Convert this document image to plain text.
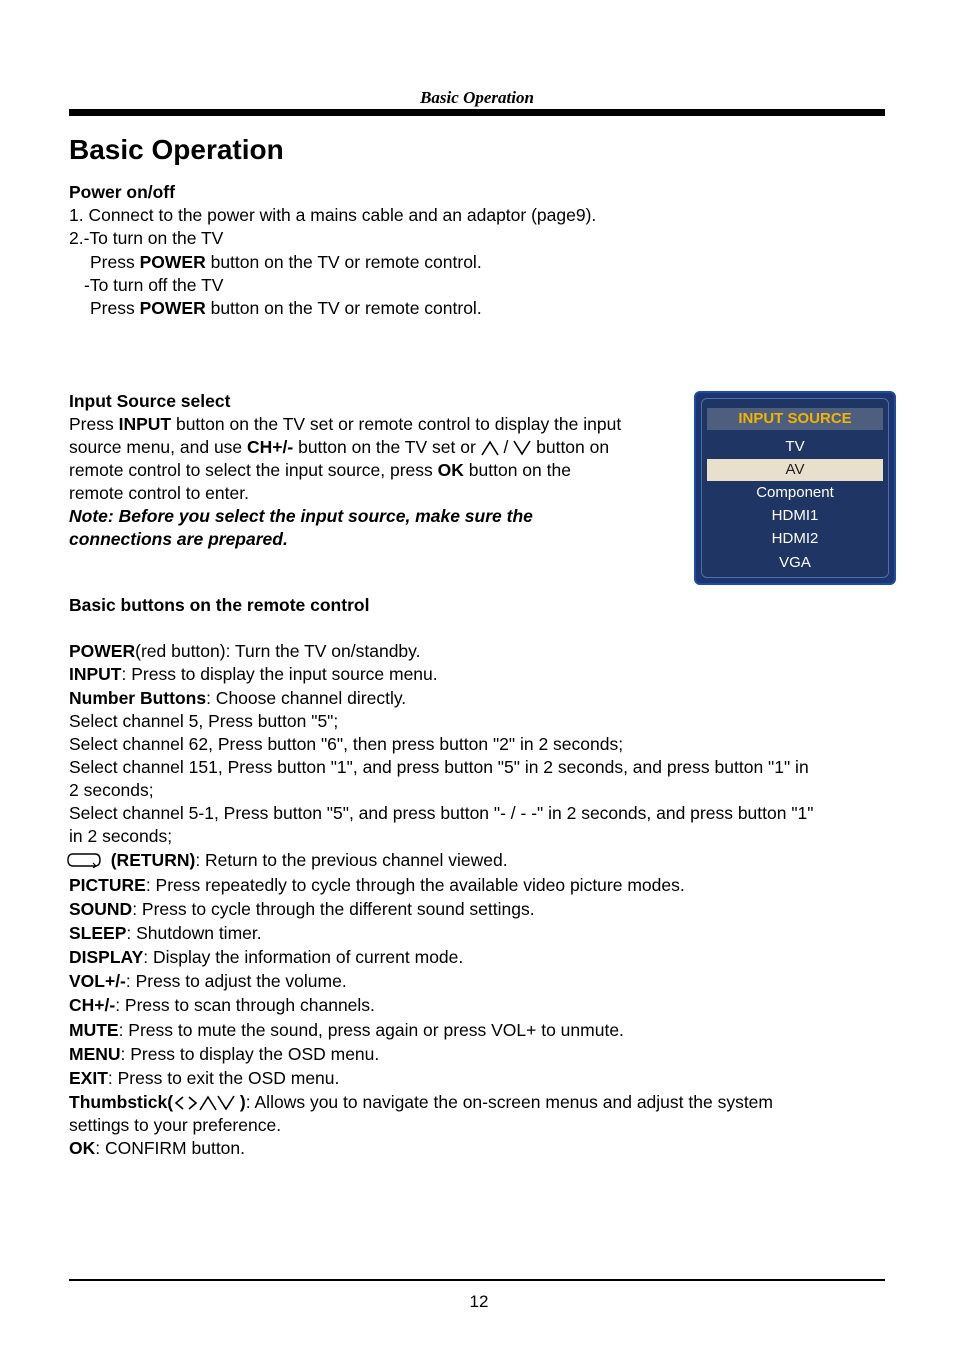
Basic Operation
Basic Operation
Power on/off
1. Connect to the power with a mains cable and an adaptor (page9).
2.-To turn on the TV
Press POWER button on the TV or remote control.
-To turn off the TV
Press POWER button on the TV or remote control.
Input Source select
Press INPUT button on the TV set or remote control to display the input
source menu, and use CH+/- button on the TV set or  /  button on
remote control to select the input source, press OK button on the
remote control to enter.
Note: Before you select the input source, make sure the
connections are prepared.
INPUT SOURCE
TV
AV
Component
HDMI1
HDMI2
VGA
Basic buttons on the remote control
POWER(red button): Turn the TV on/standby.
INPUT: Press to display the input source menu.
Number Buttons: Choose channel directly.
Select channel 5, Press button "5";
Select channel 62, Press button "6", then press button "2" in 2 seconds;
Select channel 151, Press button "1", and press button "5" in 2 seconds, and press button "1" in
2 seconds;
Select channel 5-1, Press button "5", and press button "- / - -" in 2 seconds, and press button "1"
in 2 seconds;
(RETURN): Return to the previous channel viewed.
PICTURE: Press repeatedly to cycle through the available video picture modes.
SOUND: Press to cycle through the different sound settings.
SLEEP: Shutdown timer.
DISPLAY: Display the information of current mode.
VOL+/-: Press to adjust the volume.
CH+/-: Press to scan through channels.
MUTE: Press to mute the sound, press again or press VOL+ to unmute.
MENU: Press to display the OSD menu.
EXIT: Press to exit the OSD menu.
Thumbstick(	): Allows you to navigate the on-screen menus and adjust the system
settings to your preference.
OK: CONFIRM button.
12
